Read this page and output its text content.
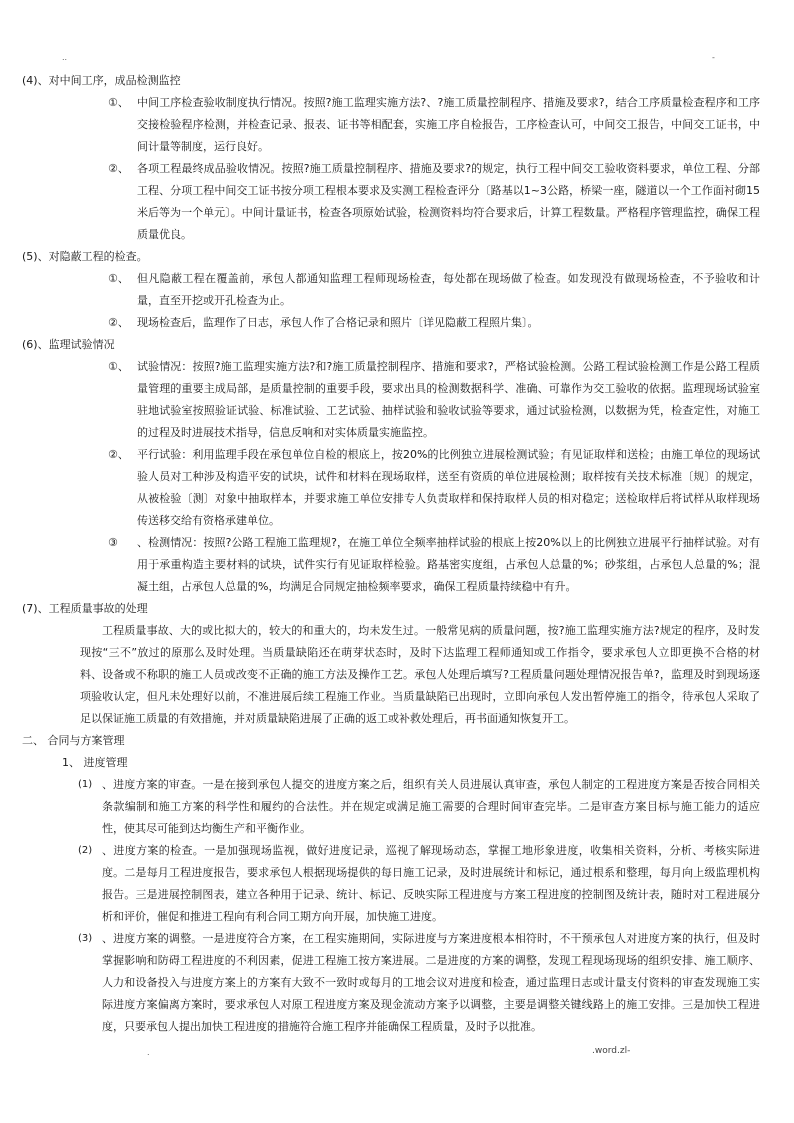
..	-
(4)、对中间工序，成品检测监控
①、 中间工序检查验收制度执行情况。按照?施工监理实施方法?、?施工质量控制程序、措施及要求?，结合工序质量检查程序和工序交接检验程序检测，并检查记录、报表、证书等相配套，实施工序自检报告，工序检查认可，中间交工报告，中间交工证书，中间计量等制度，运行良好。
②、 各项工程最终成品验收情况。按照?施工质量控制程序、措施及要求?的规定，执行工程中间交工验收资料要求，单位工程、分部工程、分项工程中间交工证书按分项工程根本要求及实测工程检查评分〔路基以1~3公路，桥梁一座，隧道以一个工作面衬砌15米后等为一个单元〕。中间计量证书，检查各项原始试验，检测资料均符合要求后，计算工程数量。严格程序管理监控，确保工程质量优良。
(5)、对隐蔽工程的检查。
①、 但凡隐蔽工程在覆盖前，承包人都通知监理工程师现场检查，每处都在现场做了检查。如发现没有做现场检查，不予验收和计量，直至开挖或开孔检查为止。
②、 现场检查后，监理作了日志，承包人作了合格记录和照片〔详见隐蔽工程照片集〕。
(6)、监理试验情况
①、 试验情况：按照?施工监理实施方法?和?施工质量控制程序、措施和要求?，严格试验检测。公路工程试验检测工作是公路工程质量管理的重要主成局部，是质量控制的重要手段，要求出具的检测数据科学、准确、可靠作为交工验收的依据。监理现场试验室驻地试验室按照验证试验、标准试验、工艺试验、抽样试验和验收试验等要求，通过试验检测，以数据为凭，检查定性，对施工的过程及时进展技术指导，信息反响和对实体质量实施监控。
②、 平行试验：利用监理手段在承包单位自检的根底上，按20%的比例独立进展检测试验；有见证取样和送检；由施工单位的现场试验人员对工种涉及构造平安的试块，试件和材料在现场取样，送至有资质的单位进展检测；取样按有关技术标准〔规〕的规定，从被检验〔测〕对象中抽取样本，并要求施工单位安排专人负责取样和保持取样人员的相对稳定；送检取样后将试样从取样现场传送移交给有资格承建单位。
③ 、检测情况：按照?公路工程施工监理规?，在施工单位全频率抽样试验的根底上按20%以上的比例独立进展平行抽样试验。对有用于承重构造主要材料的试块，试件实行有见证取样检验。路基密实度组，占承包人总量的%；砂浆组，占承包人总量的%；混凝土组，占承包人总量的%，均满足合同规定抽检频率要求，确保工程质量持续稳中有升。
(7)、工程质量事故的处理
工程质量事故、大的或比拟大的，较大的和重大的，均未发生过。一般常见病的质量问题，按?施工监理实施方法?规定的程序，及时发现按“三不”放过的原那么及时处理。当质量缺陷还在萌芽状态时，及时下达监理工程师通知或工作指令，要求承包人立即更换不合格的材料、设备或不称职的施工人员或改变不正确的施工方法及操作工艺。承包人处理后填写?工程质量问题处理情况报告单?，监理及时到现场逐项验收认定，但凡未处理好以前，不准进展后续工程施工作业。当质量缺陷已出现时，立即向承包人发出暂停施工的指令，待承包人采取了足以保证施工质量的有效措施，并对质量缺陷进展了正确的返工或补救处理后，再书面通知恢复开工。
二、 合同与方案管理
1、 进度管理
(1) 、进度方案的审查。一是在接到承包人提交的进度方案之后，组织有关人员进展认真审查，承包人制定的工程进度方案是否按合同相关条款编制和施工方案的科学性和履约的合法性。并在规定或满足施工需要的合理时间审查完毕。二是审查方案目标与施工能力的适应性，使其尽可能到达均衡生产和平衡作业。
(2) 、进度方案的检查。一是加强现场监视，做好进度记录，巡视了解现场动态，掌握工地形象进度，收集相关资料，分析、考核实际进度。二是每月工程进度报告，要求承包人根据现场提供的每日施工记录，及时进展统计和标记，通过根系和整理，每月向上级监理机构报告。三是进展控制图表，建立各种用于记录、统计、标记、反映实际工程进度与方案工程进度的控制图及统计表，随时对工程进展分析和评价，催促和推进工程向有利合同工期方向开展，加快施工进度。
(3) 、进度方案的调整。一是进度符合方案，在工程实施期间，实际进度与方案进度根本相符时，不干预承包人对进度方案的执行，但及时掌握影响和防碍工程进度的不利因素，促进工程施工按方案进展。二是进度的方案的调整，发现工程现场现场的组织安排、施工顺序、人力和设备投入与进度方案上的方案有大致不一致时或每月的工地会议对进度和检查，通过监理日志或计量支付资料的审查发现施工实际进度方案偏离方案时，要求承包人对原工程进度方案及现金流动方案予以调整，主要是调整关键线路上的施工安排。三是加快工程进度，只要承包人提出加快工程进度的措施符合施工程序并能确保工程质量，及时予以批准。
.	.word.zl-
